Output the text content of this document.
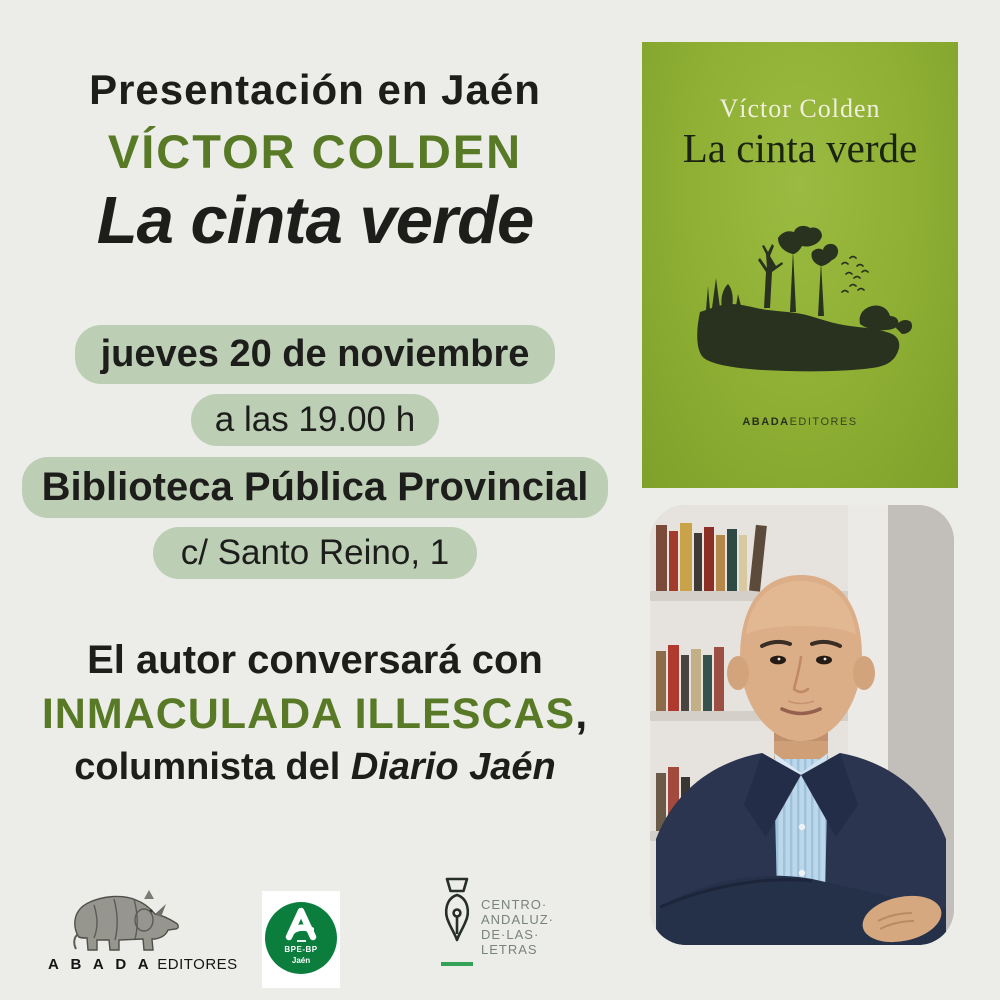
Presentación en Jaén
VÍCTOR COLDEN
La cinta verde
jueves 20 de noviembre
a las 19.00 h
Biblioteca Pública Provincial
c/ Santo Reino, 1
El autor conversará con
INMACULADA ILLESCAS,
columnista del Diario Jaén
Víctor Colden
La cinta verde
ABADAEDITORES
A B A D A EDITORES
BPE-BP
Jaén
CENTRO·
ANDALUZ·
DE·LAS·
LETRAS
